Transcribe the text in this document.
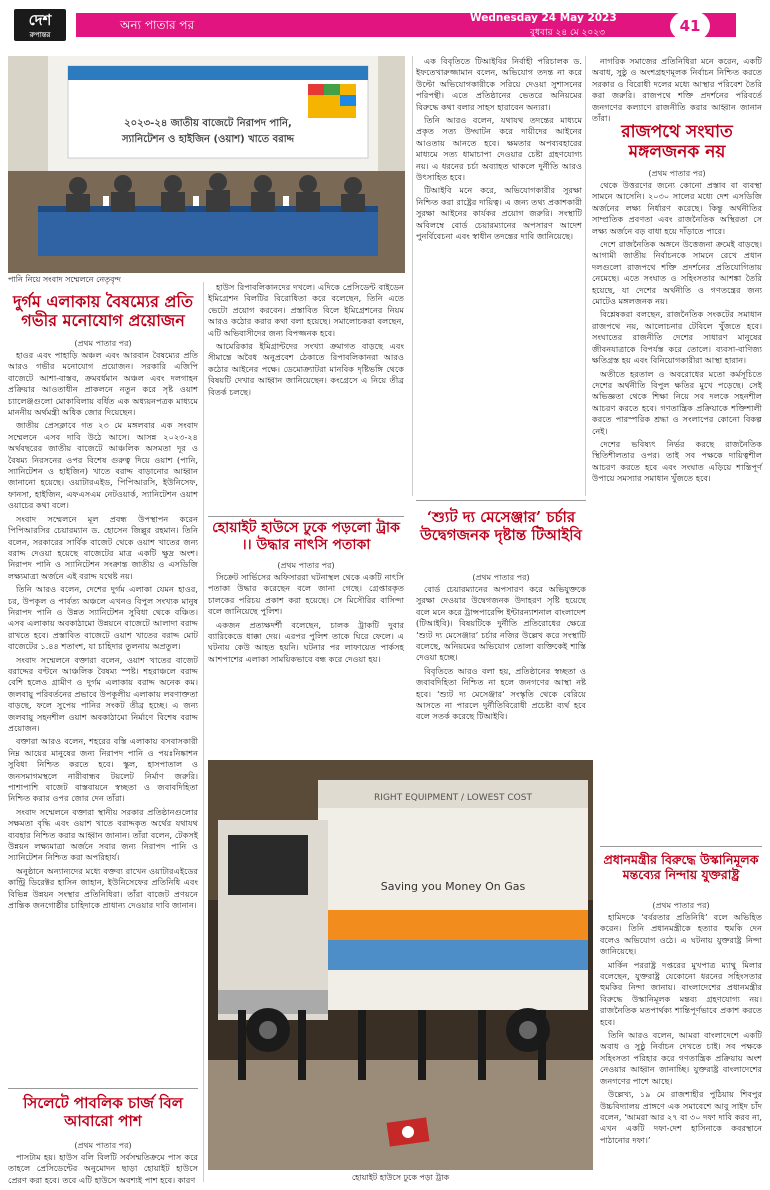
দেশ
রুপান্তর
অন্য পাতার পর	Wednesday 24 May 2023
বুধবার ২৪ মে ২০২৩	41
২০২৩-২৪ জাতীয় বাজেটে নিরাপদ পানি,
স্যানিটেশন ও হাইজিন (ওয়াশ) খাতে বরাদ্দ
পানি নিয়ে সংবাদ সম্মেলনে নেতৃবৃন্দ
দুর্গম এলাকায় বৈষম্যের প্রতি গভীর মনোযোগ প্রয়োজন
(প্রথম পাতার পর)

হাওর এবং পাহাড়ি অঞ্চল এবং আরবান বৈষম্যের প্রতি আরও গভীর মনোযোগ প্রয়োজন। সরকারি এজিপি বাজেটে আশা-বাস্তব, ক্রমবর্ধমান অঞ্চল এবং দলগাহন প্রক্রিয়ার আওতাধীন প্রাকলনে নতুন করে সৃষ্ট ওয়াশ চ্যালেঞ্জগুলো মোকাবিলায় বর্ধিত এক অধ্যয়নপত্রক মাধ্যমে মাননীয় অর্থমন্ত্রী অধিক জোর দিয়েছেন।

জাতীয় প্রেসক্লাবে গত ২৩ মে মঙ্গলবার এক সংবাদ সম্মেলনে এসব দাবি উঠে আসে। আসন্ন ২০২৩-২৪ অর্থবছরের জাতীয় বাজেটে আঞ্চলিক অসমতা দূর ও বৈষম্য নিরসনের ওপর বিশেষ গুরুত্ব দিয়ে ওয়াশ (পানি, স্যানিটেশন ও হাইজিন) খাতে বরাদ্দ বাড়ানোর আহ্বান জানানো হয়েছে। ওয়াটারএইড, পিপিআরসি, ইউনিসেফ, ফানসা, হাইজিন, এফএসএম নেটওয়ার্ক, স্যানিটেশন ওয়াশ ওয়াচের কথা বলে।

সংবাদ সম্মেলনে মূল প্রবন্ধ উপস্থাপন করেন পিপিআরসির চেয়ারম্যান ড. হোসেন জিল্লুর রহমান। তিনি বলেন, সরকারের সার্বিক বাজেট থেকে ওয়াশ খাতের জন্য বরাদ্দ দেওয়া হয়েছে বাজেটের মাত্র একটি ক্ষুদ্র অংশ। নিরাপদ পানি ও স্যানিটেশন সংক্রান্ত জাতীয় ও এসডিজি লক্ষ্যমাত্রা অর্জনে এই বরাদ্দ যথেষ্ট নয়।

তিনি আরও বলেন, দেশের দুর্গম এলাকা যেমন হাওর, চর, উপকূল ও পার্বত্য অঞ্চলে এখনও বিপুল সংখ্যক মানুষ নিরাপদ পানি ও উন্নত স্যানিটেশন সুবিধা থেকে বঞ্চিত। এসব এলাকায় অবকাঠামো উন্নয়নে বাজেটে আলাদা বরাদ্দ রাখতে হবে। প্রস্তাবিত বাজেটে ওয়াশ খাতের বরাদ্দ মোট বাজেটের ১.৪৪ শতাংশ, যা চাহিদার তুলনায় অপ্রতুল।

সংবাদ সম্মেলনে বক্তারা বলেন, ওয়াশ খাতের বাজেট বরাদ্দের বণ্টনে আঞ্চলিক বৈষম্য স্পষ্ট। শহরাঞ্চলে বরাদ্দ বেশি হলেও গ্রামীণ ও দুর্গম এলাকায় বরাদ্দ অনেক কম। জলবায়ু পরিবর্তনের প্রভাবে উপকূলীয় এলাকায় লবণাক্ততা বাড়ছে, ফলে সুপেয় পানির সংকট তীব্র হচ্ছে। এ জন্য জলবায়ু সহনশীল ওয়াশ অবকাঠামো নির্মাণে বিশেষ বরাদ্দ প্রয়োজন।

বক্তারা আরও বলেন, শহরের বস্তি এলাকায় বসবাসকারী নিম্ন আয়ের মানুষের জন্য নিরাপদ পানি ও পয়ঃনিষ্কাশন সুবিধা নিশ্চিত করতে হবে। স্কুল, হাসপাতাল ও জনসমাগমস্থলে নারীবান্ধব টয়লেট নির্মাণ জরুরি। পাশাপাশি বাজেট বাস্তবায়নে স্বচ্ছতা ও জবাবদিহিতা নিশ্চিত করার ওপর জোর দেন তাঁরা।

সংবাদ সম্মেলনে বক্তারা স্থানীয় সরকার প্রতিষ্ঠানগুলোর সক্ষমতা বৃদ্ধি এবং ওয়াশ খাতে বরাদ্দকৃত অর্থের যথাযথ ব্যবহার নিশ্চিত করার আহ্বান জানান। তাঁরা বলেন, টেকসই উন্নয়ন লক্ষ্যমাত্রা অর্জনে সবার জন্য নিরাপদ পানি ও স্যানিটেশন নিশ্চিত করা অপরিহার্য।

অনুষ্ঠানে অন্যান্যদের মধ্যে বক্তব্য রাখেন ওয়াটারএইডের কান্ট্রি ডিরেক্টর হাসিন জাহান, ইউনিসেফের প্রতিনিধি এবং বিভিন্ন উন্নয়ন সংস্থার প্রতিনিধিরা। তাঁরা বাজেট প্রণয়নে প্রান্তিক জনগোষ্ঠীর চাহিদাকে প্রাধান্য দেওয়ার দাবি জানান।

সিলেটে পাবলিক চার্জ বিল আবারো পাশ
(প্রথম পাতার পর)

পাসটাম হয়। হাউস বলি বিলটি সর্বসম্মতিক্রমে পাস করে তাহলে প্রেসিডেন্টের অনুমোদন ছাড়া হোয়াইট হাউসে প্রেরণ করা হবে। তবে এটি হাউসে অবশ্যই পাশ হবে। কারণ

হাউস রিপাবলিকানদের দখলে। এদিকে প্রেসিডেন্ট বাইডেন ইমিগ্রেশন বিলটির বিরোধিতা করে বলেছেন, তিনি এতে ভেটো প্রয়োগ করবেন। প্রস্তাবিত বিলে ইমিগ্রেশনের নিয়ম আরও কঠোর করার কথা বলা হয়েছে। সমালোচকরা বলছেন, এটি অভিবাসীদের জন্য বিপজ্জনক হবে।

আমেরিকার ইমিগ্রান্টদের সংখ্যা ক্রমাগত বাড়ছে এবং সীমান্তে অবৈধ অনুপ্রবেশ ঠেকাতে রিপাবলিকানরা আরও কঠোর আইনের পক্ষে। ডেমোক্র্যাটরা মানবিক দৃষ্টিভঙ্গি থেকে বিষয়টি দেখার আহ্বান জানিয়েছেন। কংগ্রেসে এ নিয়ে তীব্র বিতর্ক চলছে।

হোয়াইট হাউসে ঢুকে পড়লো ট্রাক ।। উদ্ধার নাৎসি পতাকা
(প্রথম পাতার পর)

সিক্রেট সার্ভিসের অফিসাররা ঘটনাস্থল থেকে একটি নাৎসি পতাকা উদ্ধার করেছেন বলে জানা গেছে। গ্রেপ্তারকৃত চালকের পরিচয় প্রকাশ করা হয়েছে। সে মিসৌরির বাসিন্দা বলে জানিয়েছে পুলিশ।

একজন প্রত্যক্ষদর্শী বলেছেন, চালক ট্রাকটি দুবার ব্যারিকেডে ধাক্কা দেয়। এরপর পুলিশ তাকে ঘিরে ফেলে। এ ঘটনায় কেউ আহত হয়নি। ঘটনার পর লাফায়েত পার্কসহ আশপাশের এলাকা সাময়িকভাবে বন্ধ করে দেওয়া হয়।

এক বিবৃতিতে টিআইবির নির্বাহী পরিচালক ড. ইফতেখারুজ্জামান বলেন, অভিযোগ তদন্ত না করে উল্টো অভিযোগকারীকে সরিয়ে দেওয়া সুশাসনের পরিপন্থী। এতে প্রতিষ্ঠানের ভেতরে অনিয়মের বিরুদ্ধে কথা বলার সাহস হারাবেন অন্যরা।

তিনি আরও বলেন, যথাযথ তদন্তের মাধ্যমে প্রকৃত সত্য উদ্ঘাটন করে দায়ীদের আইনের আওতায় আনতে হবে। ক্ষমতার অপব্যবহারের মাধ্যমে সত্য ধামাচাপা দেওয়ার চেষ্টা গ্রহণযোগ্য নয়। এ ধরনের চর্চা অব্যাহত থাকলে দুর্নীতি আরও উৎসাহিত হবে।

টিআইবি মনে করে, অভিযোগকারীর সুরক্ষা নিশ্চিত করা রাষ্ট্রের দায়িত্ব। এ জন্য তথ্য প্রকাশকারী সুরক্ষা আইনের কার্যকর প্রয়োগ জরুরি। সংস্থাটি অবিলম্বে বোর্ড চেয়ারম্যানের অপসারণ আদেশ পুনর্বিবেচনা এবং স্বাধীন তদন্তের দাবি জানিয়েছে।

রাজপথে সংঘাত মঙ্গলজনক নয়
(প্রথম পাতার পর)

নাগরিক সমাজের প্রতিনিধিরা মনে করেন, একটি অবাধ, সুষ্ঠু ও অংশগ্রহণমূলক নির্বাচন নিশ্চিত করতে সরকার ও বিরোধী দলের মধ্যে আস্থার পরিবেশ তৈরি করা জরুরি। রাজপথে শক্তি প্রদর্শনের পরিবর্তে জনগণের কল্যাণে রাজনীতি করার আহ্বান জানান তাঁরা।

থেকে উত্তরণের জন্যে কোনো প্রস্তাব বা ব্যবস্থা সামনে আসেনি। ২০৩০ সালের মধ্যে দেশ এসডিজি অর্জনের লক্ষ্য নির্ধারণ করেছে। কিন্তু অর্থনীতির সাম্প্রতিক প্রবণতা এবং রাজনৈতিক অস্থিরতা সে লক্ষ্য অর্জনে বড় বাধা হয়ে দাঁড়াতে পারে।

দেশে রাজনৈতিক অঙ্গনে উত্তেজনা ক্রমেই বাড়ছে। আগামী জাতীয় নির্বাচনকে সামনে রেখে প্রধান দলগুলো রাজপথে শক্তি প্রদর্শনের প্রতিযোগিতায় নেমেছে। এতে সংঘাত ও সহিংসতার আশঙ্কা তৈরি হয়েছে, যা দেশের অর্থনীতি ও গণতন্ত্রের জন্য মোটেও মঙ্গলজনক নয়।

বিশ্লেষকরা বলছেন, রাজনৈতিক সংকটের সমাধান রাজপথে নয়, আলোচনার টেবিলে খুঁজতে হবে। সংঘাতের রাজনীতি দেশের সাধারণ মানুষের জীবনযাত্রাকে বিপর্যস্ত করে তোলে। ব্যবসা-বাণিজ্য ক্ষতিগ্রস্ত হয় এবং বিনিয়োগকারীরা আস্থা হারান।

অতীতে হরতাল ও অবরোধের মতো কর্মসূচিতে দেশের অর্থনীতি বিপুল ক্ষতির মুখে পড়েছে। সেই অভিজ্ঞতা থেকে শিক্ষা নিয়ে সব দলকে সহনশীল আচরণ করতে হবে। গণতান্ত্রিক প্রক্রিয়াকে শক্তিশালী করতে পারস্পরিক শ্রদ্ধা ও সংলাপের কোনো বিকল্প নেই।

দেশের ভবিষ্যৎ নির্ভর করছে রাজনৈতিক স্থিতিশীলতার ওপর। তাই সব পক্ষকে দায়িত্বশীল আচরণ করতে হবে এবং সংঘাত এড়িয়ে শান্তিপূর্ণ উপায়ে সমস্যার সমাধান খুঁজতে হবে।

‘শ্যুট দ্য মেসেঞ্জার’ চর্চার উদ্বেগজনক দৃষ্টান্ত টিআইবি
(প্রথম পাতার পর)

বোর্ড চেয়ারম্যানের অপসারণ করে অভিযুক্তকে সুরক্ষা দেওয়ার উদ্বেগজনক উদাহরণ সৃষ্টি হয়েছে বলে মনে করে ট্রান্সপারেন্সি ইন্টারন্যাশনাল বাংলাদেশ (টিআইবি)। বিষয়টিকে দুর্নীতি প্রতিরোধের ক্ষেত্রে ‘শ্যুট দ্য মেসেঞ্জার’ চর্চার নজির উল্লেখ করে সংস্থাটি বলেছে, অনিয়মের অভিযোগ তোলা ব্যক্তিকেই শাস্তি দেওয়া হচ্ছে।

বিবৃতিতে আরও বলা হয়, প্রতিষ্ঠানের স্বচ্ছতা ও জবাবদিহিতা নিশ্চিত না হলে জনগণের আস্থা নষ্ট হবে। ‘শ্যুট দ্য মেসেঞ্জার’ সংস্কৃতি থেকে বেরিয়ে আসতে না পারলে দুর্নীতিবিরোধী প্রচেষ্টা ব্যর্থ হবে বলে সতর্ক করেছে টিআইবি।

RIGHT EQUIPMENT / LOWEST COST
Saving you Money On Gas
হোয়াইট হাউসে ঢুকে পড়া ট্রাক
প্রধানমন্ত্রীর বিরুদ্ধে উস্কানিমূলক মন্তব্যের নিন্দায় যুক্তরাষ্ট্র
(প্রথম পাতার পর)

হামিদকে ‘বর্বরতার প্রতিনিধি’ বলে অভিহিত করেন। তিনি প্রধানমন্ত্রীকে হত্যার হুমকি দেন বলেও অভিযোগ ওঠে। এ ঘটনায় যুক্তরাষ্ট্র নিন্দা জানিয়েছে।

মার্কিন পররাষ্ট্র দপ্তরের মুখপাত্র ম্যাথু মিলার বলেছেন, যুক্তরাষ্ট্র যেকোনো ধরনের সহিংসতার হুমকির নিন্দা জানায়। বাংলাদেশের প্রধানমন্ত্রীর বিরুদ্ধে উস্কানিমূলক মন্তব্য গ্রহণযোগ্য নয়। রাজনৈতিক মতপার্থক্য শান্তিপূর্ণভাবে প্রকাশ করতে হবে।

তিনি আরও বলেন, আমরা বাংলাদেশে একটি অবাধ ও সুষ্ঠু নির্বাচন দেখতে চাই। সব পক্ষকে সহিংসতা পরিহার করে গণতান্ত্রিক প্রক্রিয়ায় অংশ নেওয়ার আহ্বান জানাচ্ছি। যুক্তরাষ্ট্র বাংলাদেশের জনগণের পাশে আছে।

উল্লেখ্য, ১৯ মে রাজশাহীর পুঠিয়ায় শিবপুর উচ্চবিদ্যালয় প্রাঙ্গণে এক সমাবেশে আবু সাইদ চাঁদ বলেন, ‘আমরা আর ২৭ বা ৩০ দফা দাবি করব না, এখন একটি দফা-দেশ হাসিনাকে কবরস্থানে পাঠানোর দফা।’
